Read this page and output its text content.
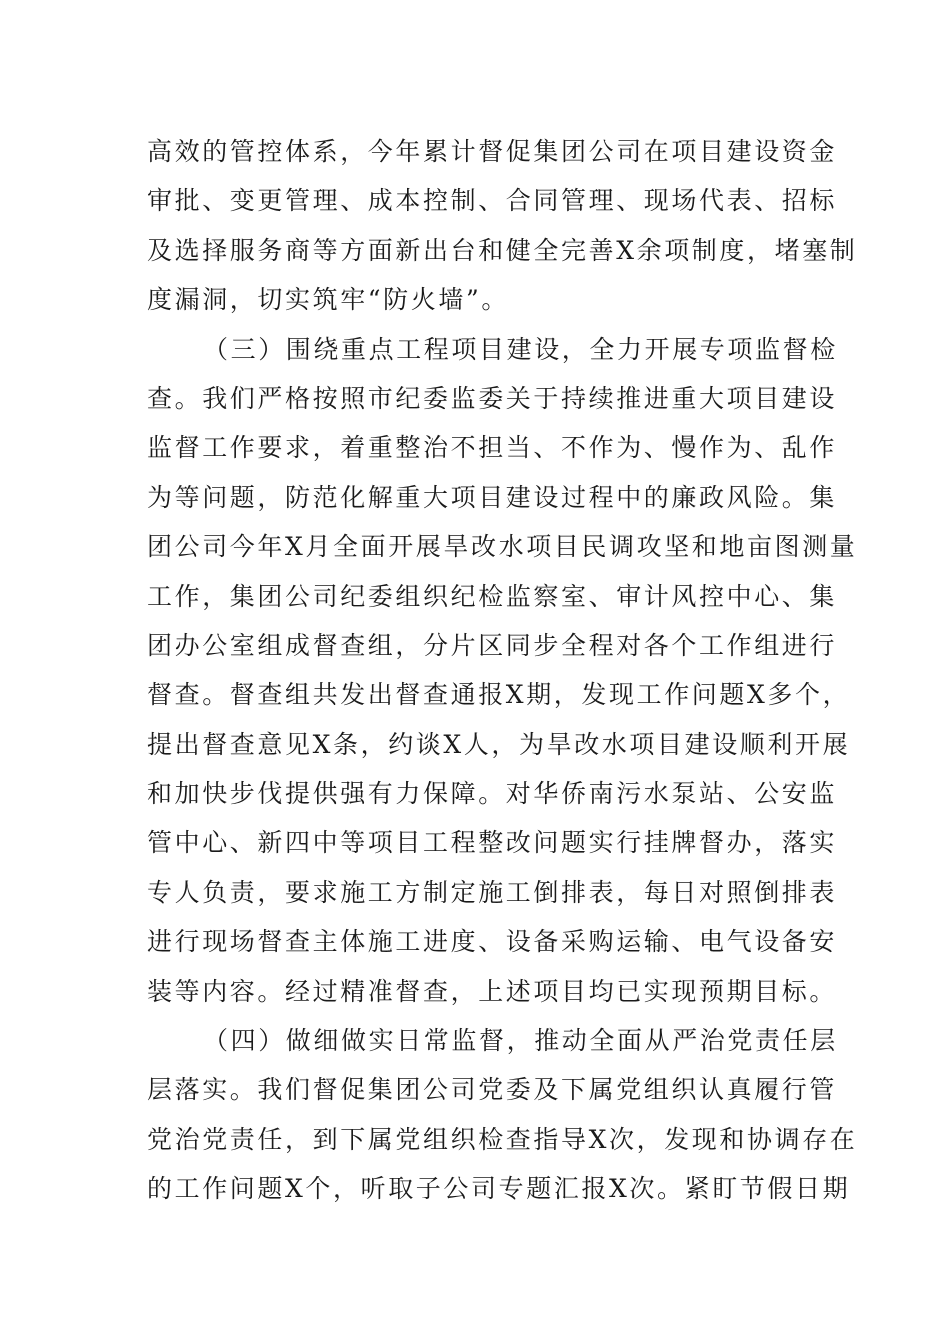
高效的管控体系，今年累计督促集团公司在项目建设资金
审批、变更管理、成本控制、合同管理、现场代表、招标
及选择服务商等方面新出台和健全完善X余项制度，堵塞制
度漏洞，切实筑牢“防火墙”。
（三）围绕重点工程项目建设，全力开展专项监督检
查。我们严格按照市纪委监委关于持续推进重大项目建设
监督工作要求，着重整治不担当、不作为、慢作为、乱作
为等问题，防范化解重大项目建设过程中的廉政风险。集
团公司今年X月全面开展旱改水项目民调攻坚和地亩图测量
工作，集团公司纪委组织纪检监察室、审计风控中心、集
团办公室组成督查组，分片区同步全程对各个工作组进行
督查。督查组共发出督查通报X期，发现工作问题X多个，
提出督查意见X条，约谈X人，为旱改水项目建设顺利开展
和加快步伐提供强有力保障。对华侨南污水泵站、公安监
管中心、新四中等项目工程整改问题实行挂牌督办，落实
专人负责，要求施工方制定施工倒排表，每日对照倒排表
进行现场督查主体施工进度、设备采购运输、电气设备安
装等内容。经过精准督查，上述项目均已实现预期目标。
（四）做细做实日常监督，推动全面从严治党责任层
层落实。我们督促集团公司党委及下属党组织认真履行管
党治党责任，到下属党组织检查指导X次，发现和协调存在
的工作问题X个，听取子公司专题汇报X次。紧盯节假日期
